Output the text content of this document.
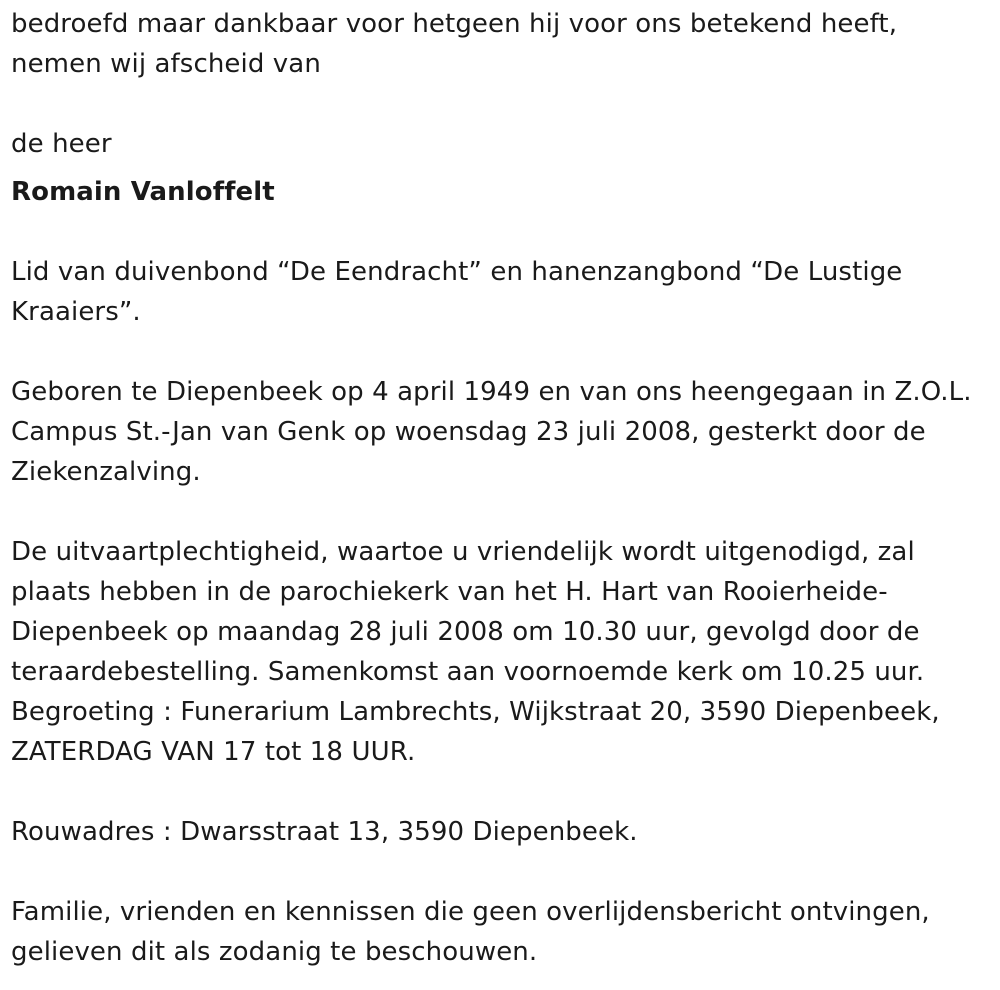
bedroefd maar dankbaar voor hetgeen hij voor ons betekend heeft,
nemen wij afscheid van

de heer

Romain Vanloffelt

Lid van duivenbond “De Eendracht” en hanenzangbond “De Lustige
Kraaiers”.

Geboren te Diepenbeek op 4 april 1949 en van ons heengegaan in Z.O.L.
Campus St.-Jan van Genk op woensdag 23 juli 2008, gesterkt door de
Ziekenzalving.

De uitvaartplechtigheid, waartoe u vriendelijk wordt uitgenodigd, zal
plaats hebben in de parochiekerk van het H. Hart van Rooierheide-
Diepenbeek op maandag 28 juli 2008 om 10.30 uur, gevolgd door de
teraardebestelling. Samenkomst aan voornoemde kerk om 10.25 uur.
Begroeting : Funerarium Lambrechts, Wijkstraat 20, 3590 Diepenbeek,
ZATERDAG VAN 17 tot 18 UUR.

Rouwadres : Dwarsstraat 13, 3590 Diepenbeek.

Familie, vrienden en kennissen die geen overlijdensbericht ontvingen,
gelieven dit als zodanig te beschouwen.
